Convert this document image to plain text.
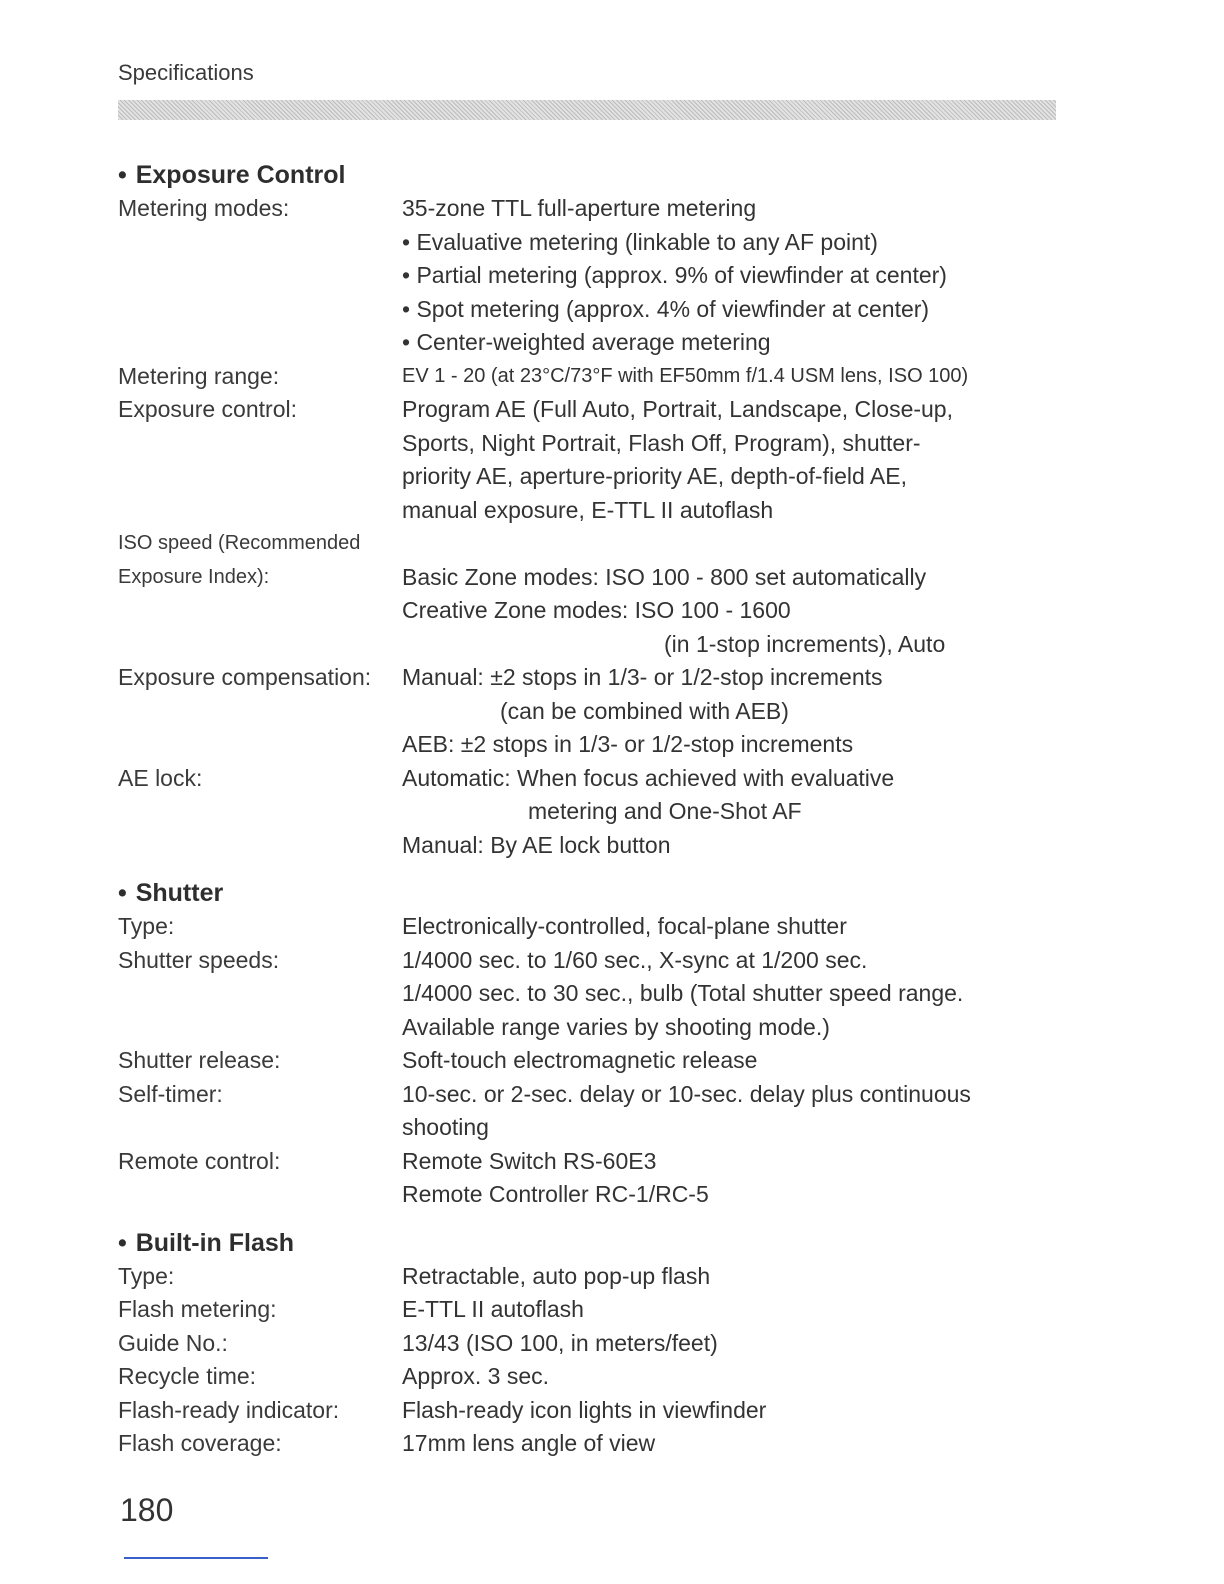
Specifications
• Exposure Control
Metering modes:	35-zone TTL full-aperture metering
• Evaluative metering (linkable to any AF point)
• Partial metering (approx. 9% of viewfinder at center)
• Spot metering (approx. 4% of viewfinder at center)
• Center-weighted average metering
Metering range:	EV 1 - 20 (at 23°C/73°F with EF50mm f/1.4 USM lens, ISO 100)
Exposure control:	Program AE (Full Auto, Portrait, Landscape, Close-up,
Sports, Night Portrait, Flash Off, Program), shutter-
priority AE, aperture-priority AE, depth-of-field AE,
manual exposure, E-TTL II autoflash
ISO speed (Recommended
Exposure Index):	Basic Zone modes: ISO 100 - 800 set automatically
Creative Zone modes: ISO 100 - 1600
(in 1-stop increments), Auto
Exposure compensation:	Manual: ±2 stops in 1/3- or 1/2-stop increments
(can be combined with AEB)
AEB: ±2 stops in 1/3- or 1/2-stop increments
AE lock:	Automatic: When focus achieved with evaluative
metering and One-Shot AF
Manual: By AE lock button
• Shutter
Type:	Electronically-controlled, focal-plane shutter
Shutter speeds:	1/4000 sec. to 1/60 sec., X-sync at 1/200 sec.
1/4000 sec. to 30 sec., bulb (Total shutter speed range.
Available range varies by shooting mode.)
Shutter release:	Soft-touch electromagnetic release
Self-timer:	10-sec. or 2-sec. delay or 10-sec. delay plus continuous
shooting
Remote control:	Remote Switch RS-60E3
Remote Controller RC-1/RC-5
• Built-in Flash
Type:	Retractable, auto pop-up flash
Flash metering:	E-TTL II autoflash
Guide No.:	13/43 (ISO 100, in meters/feet)
Recycle time:	Approx. 3 sec.
Flash-ready indicator:	Flash-ready icon lights in viewfinder
Flash coverage:	17mm lens angle of view
180
